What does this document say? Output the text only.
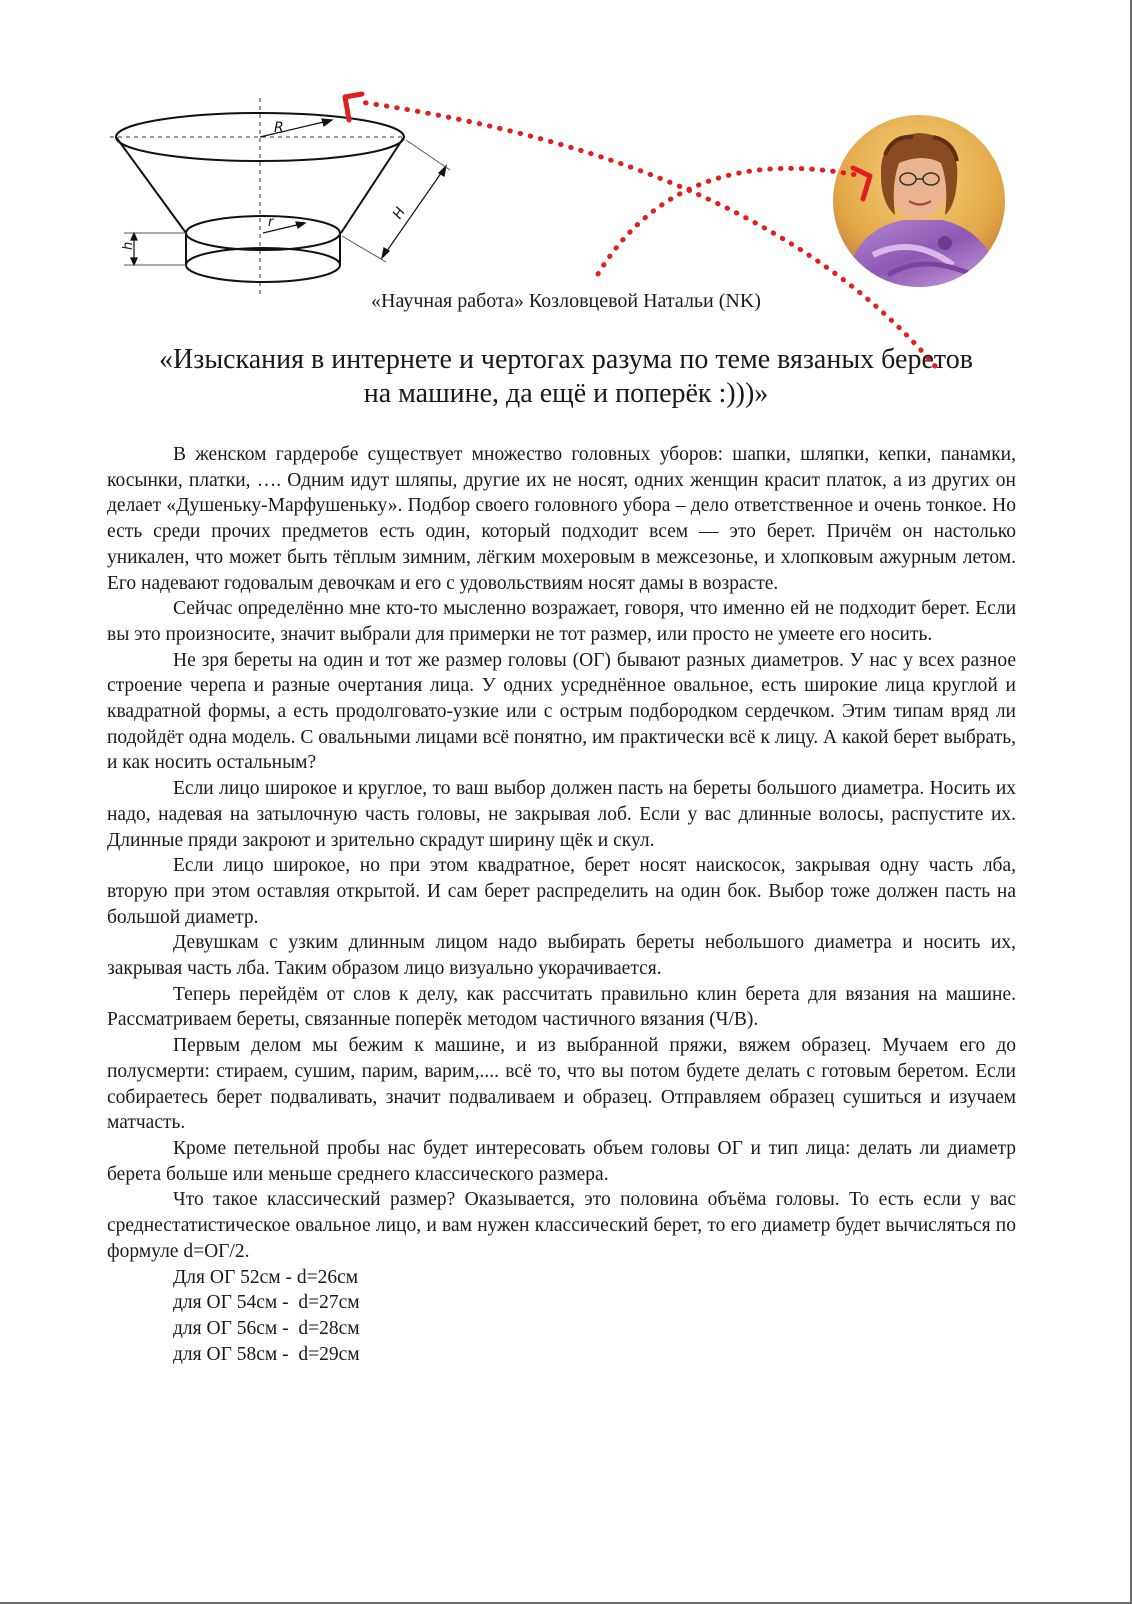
R
H
r
h
«Научная работа» Козловцевой Натальи (NK)
«Изыскания в интернете и чертогах разума по теме вязаных беретов
на машине, да ещё и поперёк :)))»

В женском гардеробе существует множество головных уборов: шапки, шляпки, кепки, панамки, косынки, платки, …. Одним идут шляпы, другие их не носят, одних женщин красит платок, а из других он делает «Душеньку-Марфушеньку». Подбор своего головного убора – дело ответственное и очень тонкое. Но есть среди прочих предметов есть один, который подходит всем — это берет. Причём он настолько уникален, что может быть тёплым зимним, лёгким мохеровым в межсезонье, и хлопковым ажурным летом. Его надевают годовалым девочкам и его с удовольствиям носят дамы в возрасте.

Сейчас определённо мне кто-то мысленно возражает, говоря, что именно ей не подходит берет. Если вы это произносите, значит выбрали для примерки не тот размер, или просто не умеете его носить.

Не зря береты на один и тот же размер головы (ОГ) бывают разных диаметров. У нас у всех разное строение черепа и разные очертания лица. У одних усреднённое овальное, есть широкие лица круглой и квадратной формы, а есть продолговато-узкие или с острым подбородком сердечком. Этим типам вряд ли подойдёт одна модель. С овальными лицами всё понятно, им практически всё к лицу. А какой берет выбрать, и как носить остальным?

Если лицо широкое и круглое, то ваш выбор должен пасть на береты большого диаметра. Носить их надо, надевая на затылочную часть головы, не закрывая лоб. Если у вас длинные волосы, распустите их. Длинные пряди закроют и зрительно скрадут ширину щёк и скул.

Если лицо широкое, но при этом квадратное, берет носят наискосок, закрывая одну часть лба, вторую при этом оставляя открытой. И сам берет распределить на один бок. Выбор тоже должен пасть на большой диаметр.

Девушкам с узким длинным лицом надо выбирать береты небольшого диаметра и носить их, закрывая часть лба. Таким образом лицо визуально укорачивается.

Теперь перейдём от слов к делу, как рассчитать правильно клин берета для вязания на машине. Рассматриваем береты, связанные поперёк методом частичного вязания (Ч/В).

Первым делом мы бежим к машине, и из выбранной пряжи, вяжем образец. Мучаем его до полусмерти: стираем, сушим, парим, варим,.... всё то, что вы потом будете делать с готовым беретом. Если собираетесь берет подваливать, значит подваливаем и образец. Отправляем образец сушиться и изучаем матчасть.

Кроме петельной пробы нас будет интересовать объем головы ОГ и тип лица: делать ли диаметр берета больше или меньше среднего классического размера.

Что такое классический размер? Оказывается, это половина объёма головы. То есть если у вас среднестатистическое овальное лицо, и вам нужен классический берет, то его диаметр будет вычисляться по формуле d=ОГ/2.

Для ОГ 52см - d=26см
для ОГ 54см -  d=27см
для ОГ 56см -  d=28см
для ОГ 58см -  d=29см
